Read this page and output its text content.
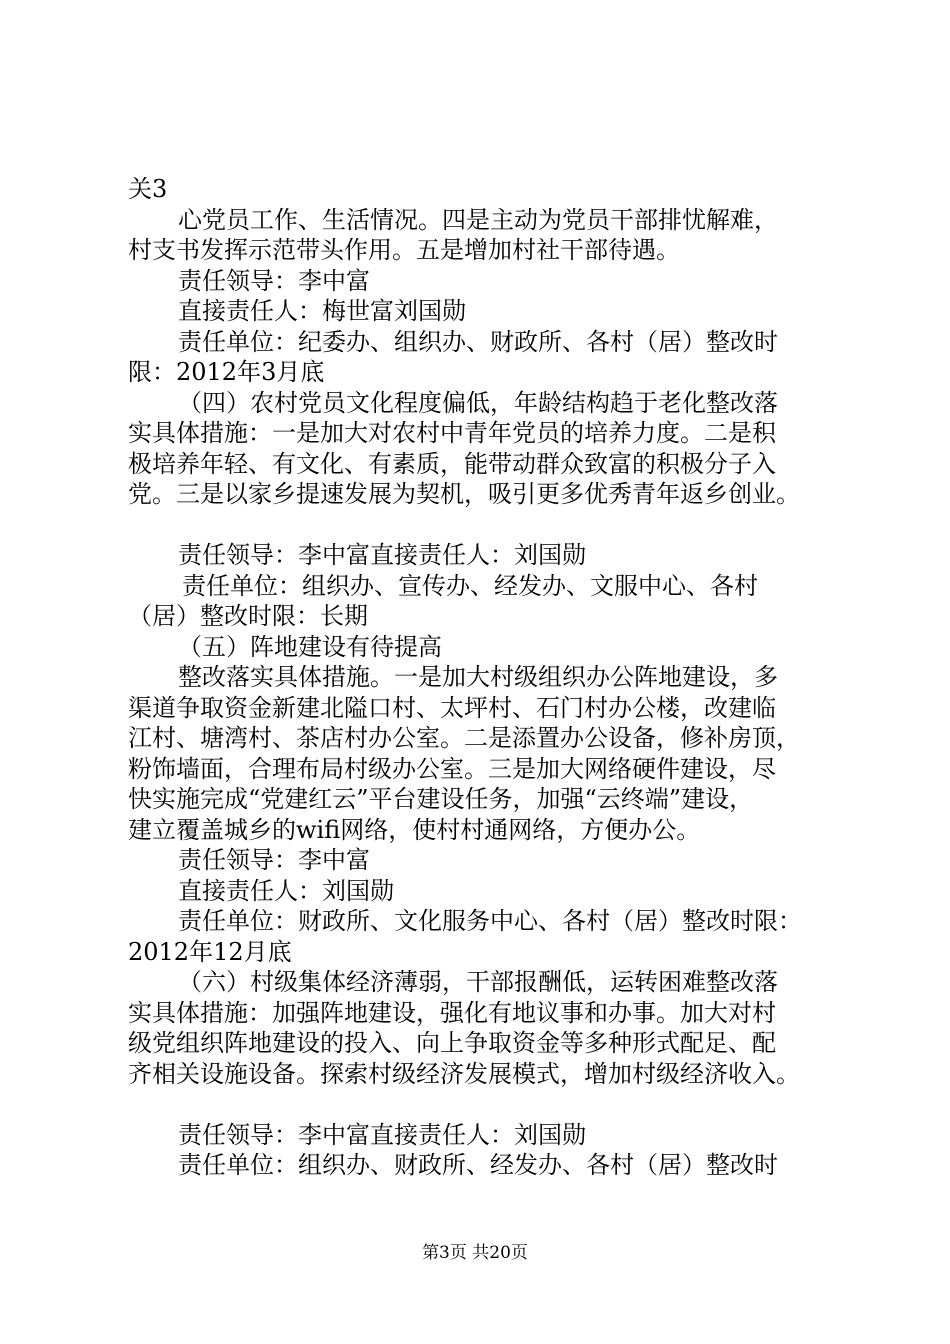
关3
心党员工作、生活情况。四是主动为党员干部排忧解难，
村支书发挥示范带头作用。五是增加村社干部待遇。
责任领导：李中富
直接责任人：梅世富刘国勋
责任单位：纪委办、组织办、财政所、各村（居）整改时
限：2012年3月底
（四）农村党员文化程度偏低，年龄结构趋于老化整改落
实具体措施：一是加大对农村中青年党员的培养力度。二是积
极培养年轻、有文化、有素质，能带动群众致富的积极分子入
党。三是以家乡提速发展为契机，吸引更多优秀青年返乡创业。
责任领导：李中富直接责任人：刘国勋
责任单位：组织办、宣传办、经发办、文服中心、各村
（居）整改时限：长期
（五）阵地建设有待提高
整改落实具体措施。一是加大村级组织办公阵地建设，多
渠道争取资金新建北隘口村、太坪村、石门村办公楼，改建临
江村、塘湾村、茶店村办公室。二是添置办公设备，修补房顶，
粉饰墙面，合理布局村级办公室。三是加大网络硬件建设，尽
快实施完成“党建红云”平台建设任务，加强“云终端”建设，
建立覆盖城乡的wifi网络，使村村通网络，方便办公。
责任领导：李中富
直接责任人：刘国勋
责任单位：财政所、文化服务中心、各村（居）整改时限：
2012年12月底
（六）村级集体经济薄弱，干部报酬低，运转困难整改落
实具体措施：加强阵地建设，强化有地议事和办事。加大对村
级党组织阵地建设的投入、向上争取资金等多种形式配足、配
齐相关设施设备。探索村级经济发展模式，增加村级经济收入。
责任领导：李中富直接责任人：刘国勋
责任单位：组织办、财政所、经发办、各村（居）整改时
第3页 共20页
